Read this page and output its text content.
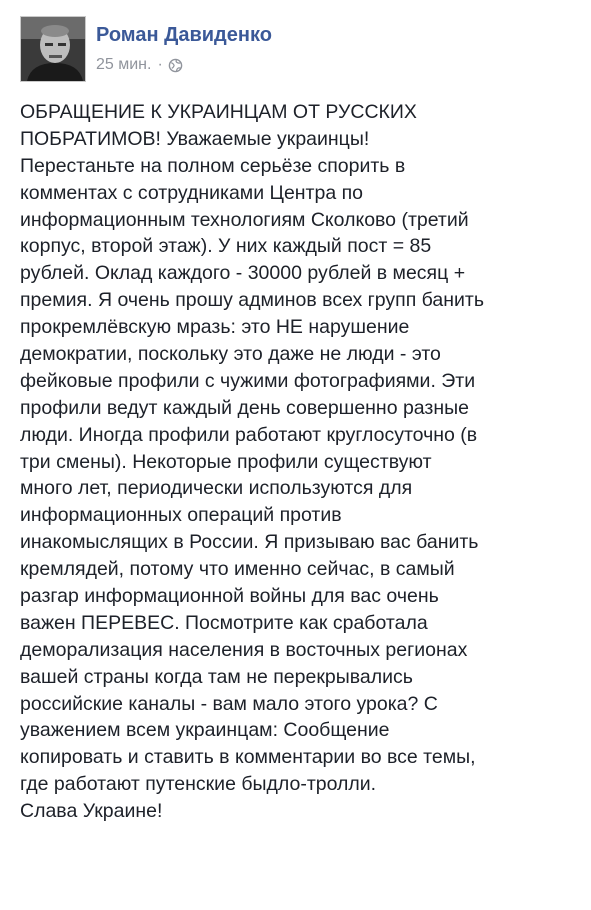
Роман Давиденко
25 мин. ·
ОБРАЩЕНИЕ К УКРАИНЦАМ ОТ РУССКИХ
ПОБРАТИМОВ! Уважаемые украинцы!
Перестаньте на полном серьёзе спорить в
комментах с сотрудниками Центра по
информационным технологиям Сколково (третий
корпус, второй этаж). У них каждый пост = 85
рублей. Оклад каждого - 30000 рублей в месяц +
премия. Я очень прошу админов всех групп банить
прокремлёвскую мразь: это НЕ нарушение
демократии, поскольку это даже не люди - это
фейковые профили с чужими фотографиями. Эти
профили ведут каждый день совершенно разные
люди. Иногда профили работают круглосуточно (в
три смены). Некоторые профили существуют
много лет, периодически используются для
информационных операций против
инакомыслящих в России. Я призываю вас банить
кремлядей, потому что именно сейчас, в самый
разгар информационной войны для вас очень
важен ПЕРЕВЕС. Посмотрите как сработала
деморализация населения в восточных регионах
вашей страны когда там не перекрывались
российские каналы - вам мало этого урока? С
уважением всем украинцам: Сообщение
копировать и ставить в комментарии во все темы,
где работают путенские быдло-тролли.
Слава Украине!
